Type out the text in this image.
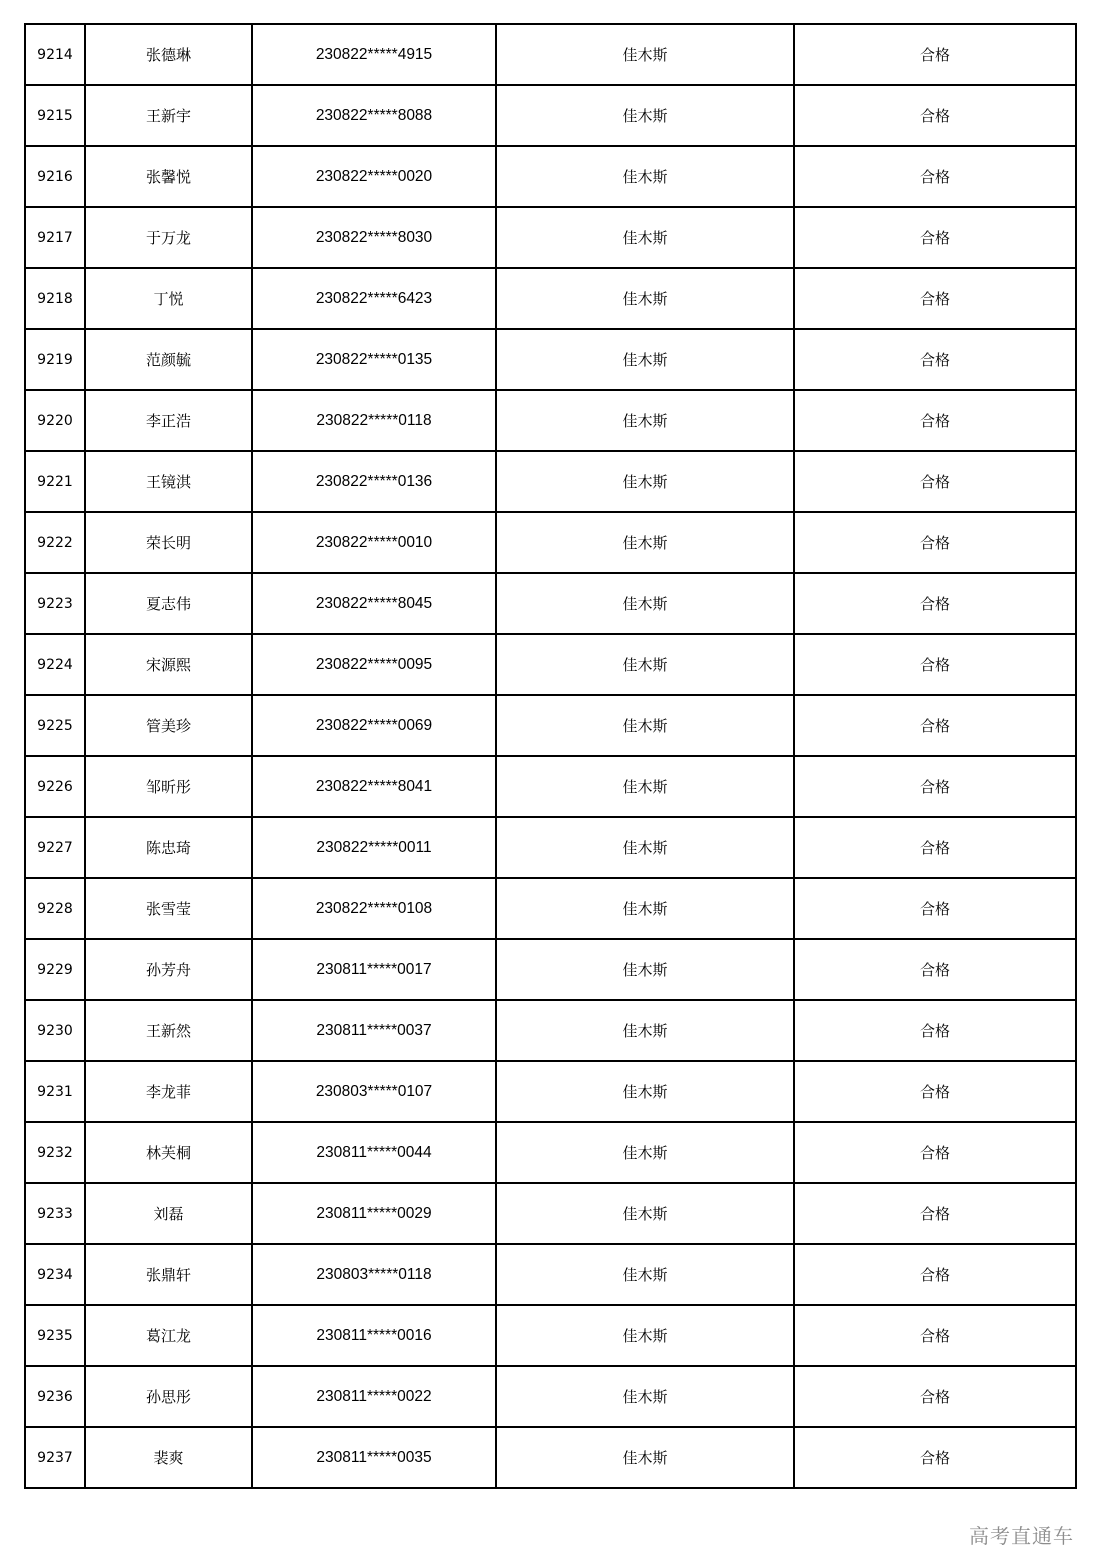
9214	张德琳	230822*****4915	佳木斯	合格
9215	王新宇	230822*****8088	佳木斯	合格
9216	张馨悦	230822*****0020	佳木斯	合格
9217	于万龙	230822*****8030	佳木斯	合格
9218	丁悦	230822*****6423	佳木斯	合格
9219	范颜毓	230822*****0135	佳木斯	合格
9220	李正浩	230822*****0118	佳木斯	合格
9221	王镜淇	230822*****0136	佳木斯	合格
9222	荣长明	230822*****0010	佳木斯	合格
9223	夏志伟	230822*****8045	佳木斯	合格
9224	宋源熙	230822*****0095	佳木斯	合格
9225	管美珍	230822*****0069	佳木斯	合格
9226	邹昕彤	230822*****8041	佳木斯	合格
9227	陈忠琦	230822*****0011	佳木斯	合格
9228	张雪莹	230822*****0108	佳木斯	合格
9229	孙芳舟	230811*****0017	佳木斯	合格
9230	王新然	230811*****0037	佳木斯	合格
9231	李龙菲	230803*****0107	佳木斯	合格
9232	林芙桐	230811*****0044	佳木斯	合格
9233	刘磊	230811*****0029	佳木斯	合格
9234	张鼎轩	230803*****0118	佳木斯	合格
9235	葛江龙	230811*****0016	佳木斯	合格
9236	孙思彤	230811*****0022	佳木斯	合格
9237	裴爽	230811*****0035	佳木斯	合格
高考直通车
